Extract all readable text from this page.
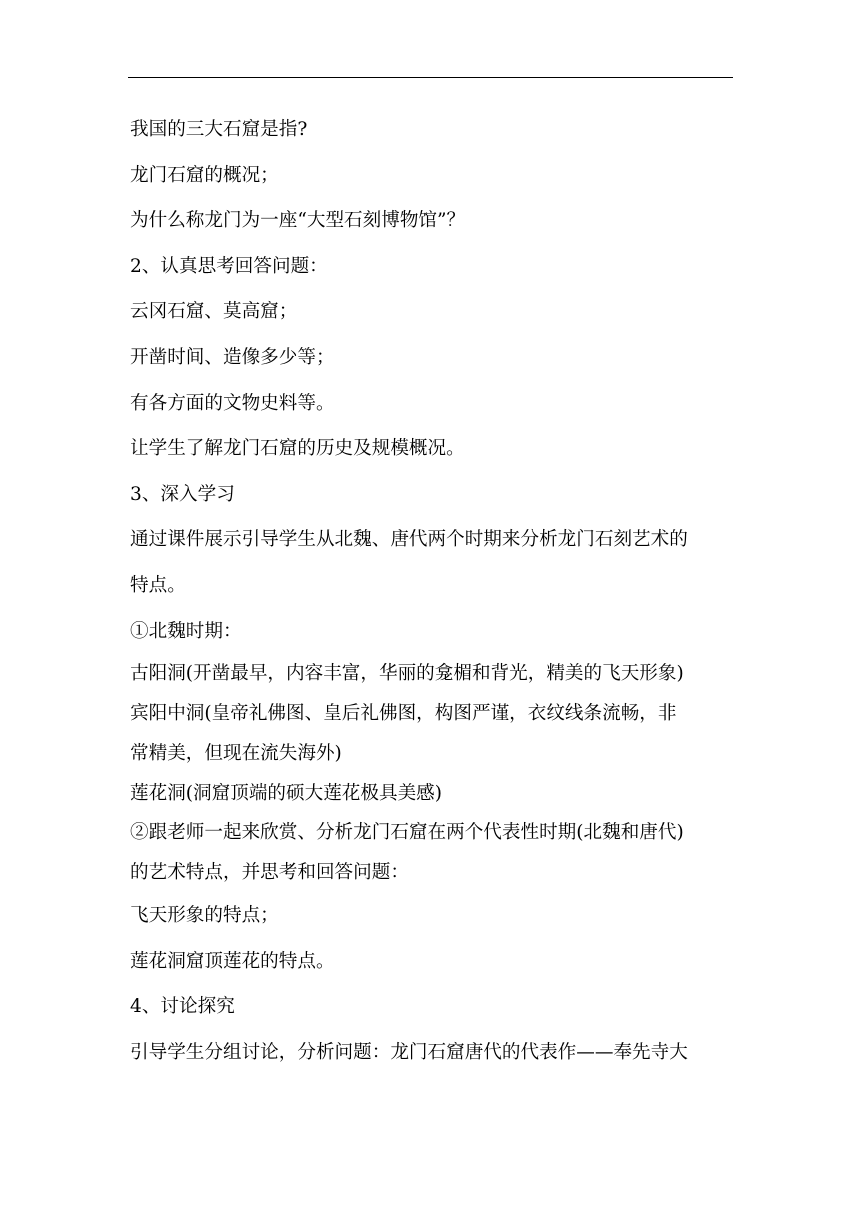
我国的三大石窟是指?

龙门石窟的概况；

为什么称龙门为一座“大型石刻博物馆”？

2、认真思考回答问题：

云冈石窟、莫高窟；

开凿时间、造像多少等；

有各方面的文物史料等。

让学生了解龙门石窟的历史及规模概况。

3、深入学习

通过课件展示引导学生从北魏、唐代两个时期来分析龙门石刻艺术的

特点。

①北魏时期：

古阳洞(开凿最早，内容丰富，华丽的龛楣和背光，精美的飞天形象)

宾阳中洞(皇帝礼佛图、皇后礼佛图，构图严谨，衣纹线条流畅，非

常精美，但现在流失海外)

莲花洞(洞窟顶端的硕大莲花极具美感)

②跟老师一起来欣赏、分析龙门石窟在两个代表性时期(北魏和唐代)

的艺术特点，并思考和回答问题：

飞天形象的特点；

莲花洞窟顶莲花的特点。

4、讨论探究

引导学生分组讨论，分析问题：龙门石窟唐代的代表作——奉先寺大
